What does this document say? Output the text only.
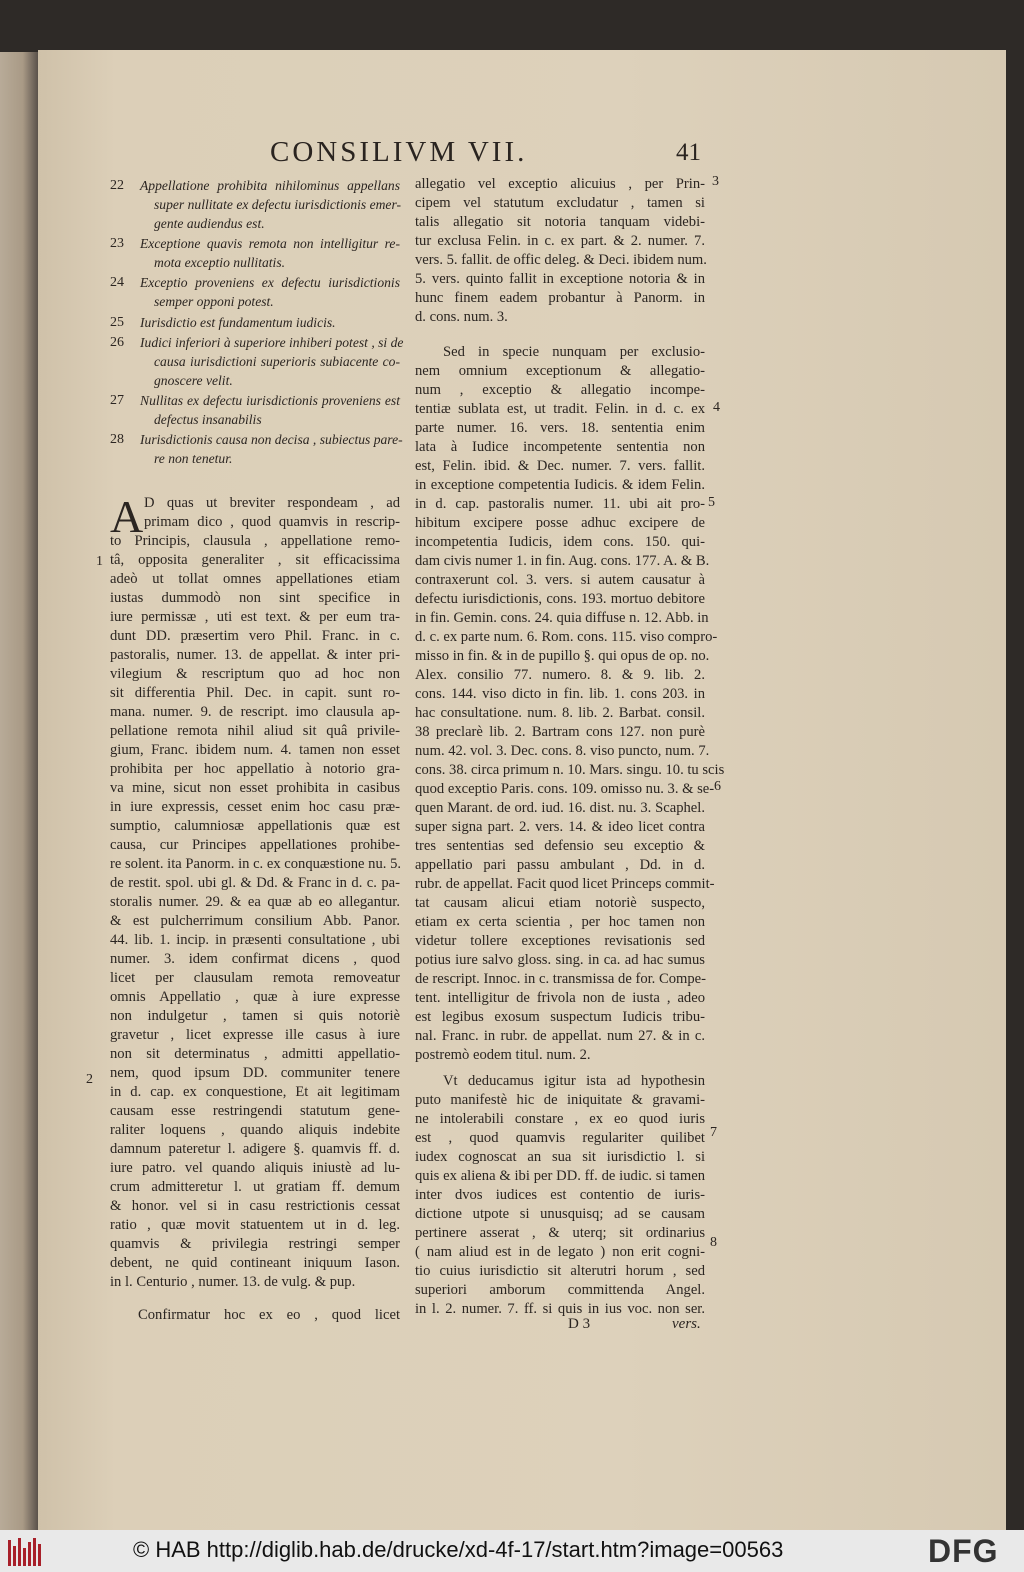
CONSILIVM VII.	41
22 Appellatione prohibita nihilominus appellans
super nullitate ex defectu iurisdictionis emer-
gente audiendus est.
23 Exceptione quavis remota non intelligitur re-
mota exceptio nullitatis.
24 Exceptio proveniens ex defectu iurisdictionis
semper opponi potest.
25 Iurisdictio est fundamentum iudicis.
26 Iudici inferiori à superiore inhiberi potest , si de
causa iurisdictioni superioris subiacente co-
gnoscere velit.
27 Nullitas ex defectu iurisdictionis proveniens est
defectus insanabilis
28 Iurisdictionis causa non decisa , subiectus pare-
re non tenetur.
A D quas ut breviter respondeam , ad
primam dico , quod quamvis in rescrip-
to Principis, clausula , appellatione remo-
tâ, opposita generaliter , sit efficacissima
adeò ut tollat omnes appellationes etiam
iustas dummodò non sint specifice in
iure permissæ , uti est text. & per eum tra-
dunt DD. præsertim vero Phil. Franc. in c.
pastoralis, numer. 13. de appellat. & inter pri-
vilegium & rescriptum quo ad hoc non
sit differentia Phil. Dec. in capit. sunt ro-
mana. numer. 9. de rescript. imo clausula ap-
pellatione remota nihil aliud sit quâ privile-
gium, Franc. ibidem num. 4. tamen non esset
prohibita per hoc appellatio à notorio gra-
va mine, sicut non esset prohibita in casibus
in iure expressis, cesset enim hoc casu præ-
sumptio, calumniosæ appellationis quæ est
causa, cur Principes appellationes prohibe-
re solent. ita Panorm. in c. ex conquæstione nu. 5.
de restit. spol. ubi gl. & Dd. & Franc in d. c. pa-
storalis numer. 29. & ea quæ ab eo allegantur.
& est pulcherrimum consilium Abb. Panor.
44. lib. 1. incip. in præsenti consultatione , ubi
numer. 3. idem confirmat dicens , quod
licet per clausulam remota removeatur
omnis Appellatio , quæ à iure expresse
non indulgetur , tamen si quis notoriè
gravetur , licet expresse ille casus à iure
non sit determinatus , admitti appellatio-
nem, quod ipsum DD. communiter tenere
in d. cap. ex conquestione, Et ait legitimam
causam esse restringendi statutum gene-
raliter loquens , quando aliquis indebite
damnum pateretur l. adigere §. quamvis ff. d.
iure patro. vel quando aliquis iniustè ad lu-
crum admitteretur l. ut gratiam ff. demum
& honor. vel si in casu restrictionis cessat
ratio , quæ movit statuentem ut in d. leg.
quamvis & privilegia restringi semper
debent, ne quid contineant iniquum Iason.
in l. Centurio , numer. 13. de vulg. & pup.
Confirmatur hoc ex eo , quod licet
allegatio vel exceptio alicuius , per Prin-
cipem vel statutum excludatur , tamen si
talis allegatio sit notoria tanquam videbi-
tur exclusa Felin. in c. ex part. & 2. numer. 7.
vers. 5. fallit. de offic deleg. & Deci. ibidem num.
5. vers. quinto fallit in exceptione notoria & in
hunc finem eadem probantur à Panorm. in
d. cons. num. 3.
Sed in specie nunquam per exclusio-
nem omnium exceptionum & allegatio-
num , exceptio & allegatio incompe-
tentiæ sublata est, ut tradit. Felin. in d. c. ex
parte numer. 16. vers. 18. sententia enim
lata à Iudice incompetente sententia non
est, Felin. ibid. & Dec. numer. 7. vers. fallit.
in exceptione competentia Iudicis. & idem Felin.
in d. cap. pastoralis numer. 11. ubi ait pro-
hibitum excipere posse adhuc excipere de
incompetentia Iudicis, idem cons. 150. qui-
dam civis numer 1. in fin. Aug. cons. 177. A. & B.
contraxerunt col. 3. vers. si autem causatur à
defectu iurisdictionis, cons. 193. mortuo debitore
in fin. Gemin. cons. 24. quia diffuse n. 12. Abb. in
d. c. ex parte num. 6. Rom. cons. 115. viso compro-
misso in fin. & in de pupillo §. qui opus de op. no.
Alex. consilio 77. numero. 8. & 9. lib. 2.
cons. 144. viso dicto in fin. lib. 1. cons 203. in
hac consultatione. num. 8. lib. 2. Barbat. consil.
38 preclarè lib. 2. Bartram cons 127. non purè
num. 42. vol. 3. Dec. cons. 8. viso puncto, num. 7.
cons. 38. circa primum n. 10. Mars. singu. 10. tu scis
quod exceptio Paris. cons. 109. omisso nu. 3. & se-
quen Marant. de ord. iud. 16. dist. nu. 3. Scaphel.
super signa part. 2. vers. 14. & ideo licet contra
tres sententias sed defensio seu exceptio &
appellatio pari passu ambulant , Dd. in d.
rubr. de appellat. Facit quod licet Princeps commit-
tat causam alicui etiam notoriè suspecto,
etiam ex certa scientia , per hoc tamen non
videtur tollere exceptiones revisationis sed
potius iure salvo gloss. sing. in ca. ad hac sumus
de rescript. Innoc. in c. transmissa de for. Compe-
tent. intelligitur de frivola non de iusta , adeo
est legibus exosum suspectum Iudicis tribu-
nal. Franc. in rubr. de appellat. num 27. & in c.
postremò eodem titul. num. 2.
Vt deducamus igitur ista ad hypothesin
puto manifestè hic de iniquitate & gravami-
ne intolerabili constare , ex eo quod iuris
est , quod quamvis regulariter quilibet
iudex cognoscat an sua sit iurisdictio l. si
quis ex aliena & ibi per DD. ff. de iudic. si tamen
inter dvos iudices est contentio de iuris-
dictione utpote si unusquisq; ad se causam
pertinere asserat , & uterq; sit ordinarius
( nam aliud est in de legato ) non erit cogni-
tio cuius iurisdictio sit alterutri horum , sed
superiori amborum committenda Angel.
in l. 2. numer. 7. ff. si quis in ius voc. non ser.
D 3	vers.
1
2
3
4
5
6
7
8
© HAB http://diglib.hab.de/drucke/xd-4f-17/start.htm?image=00563	DFG
